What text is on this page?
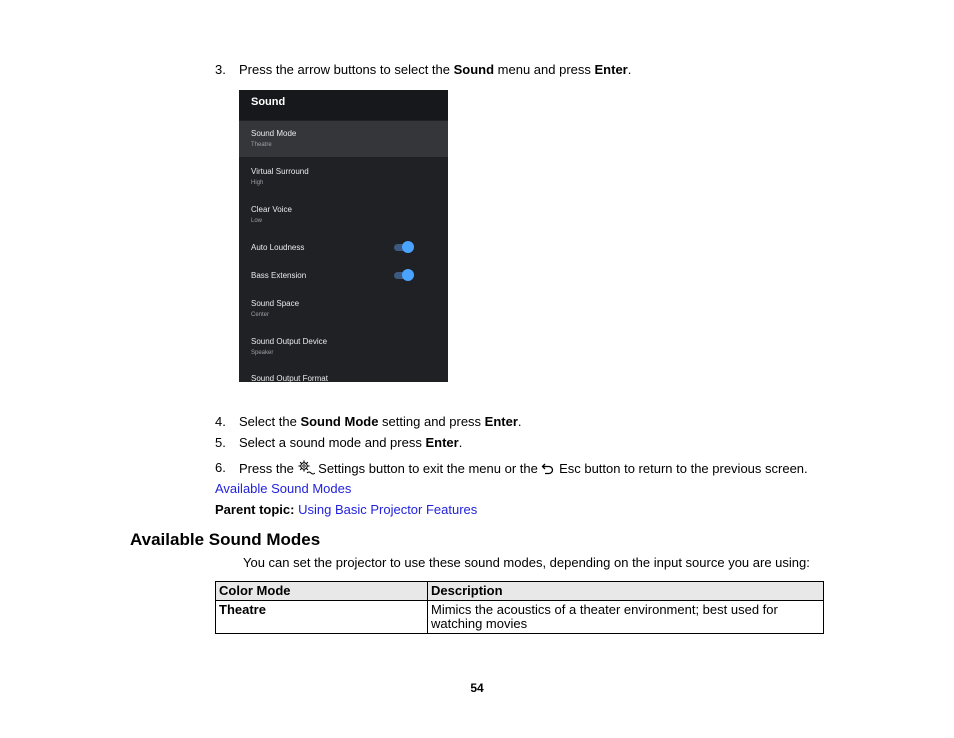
3. Press the arrow buttons to select the Sound menu and press Enter.
Sound
Sound Mode
Theatre
Virtual Surround
High
Clear Voice
Low
Auto Loudness
Bass Extension
Sound Space
Center
Sound Output Device
Speaker
Sound Output Format
4. Select the Sound Mode setting and press Enter.
5. Select a sound mode and press Enter.
6. Press the  Settings button to exit the menu or the  Esc button to return to the previous screen.
Available Sound Modes
Parent topic: Using Basic Projector Features
Available Sound Modes
You can set the projector to use these sound modes, depending on the input source you are using:
Color Mode	Description
Theatre	Mimics the acoustics of a theater environment; best used for watching movies
54
